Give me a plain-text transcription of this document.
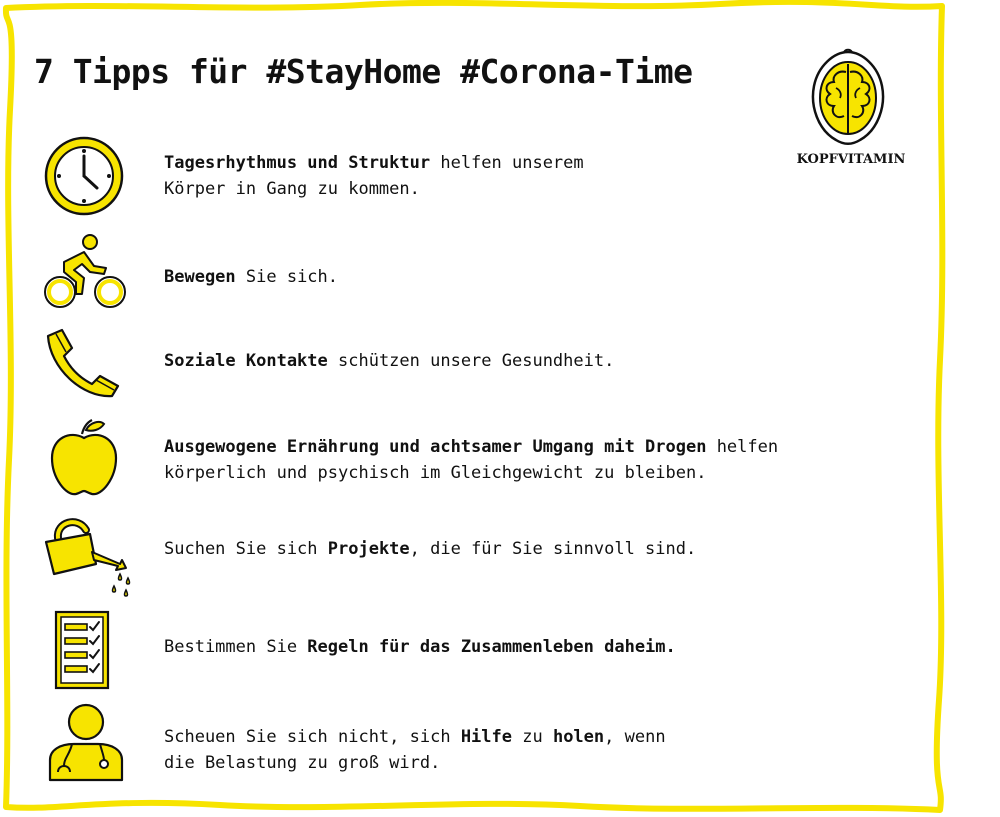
7 Tipps für #StayHome #Corona-Time
KOPFVITAMIN

Tagesrhythmus und Struktur helfen unserem
Körper in Gang zu kommen.

Bewegen Sie sich.

Soziale Kontakte schützen unsere Gesundheit.

Ausgewogene Ernährung und achtsamer Umgang mit Drogen helfen
körperlich und psychisch im Gleichgewicht zu bleiben.

Suchen Sie sich Projekte, die für Sie sinnvoll sind.

Bestimmen Sie Regeln für das Zusammenleben daheim.

Scheuen Sie sich nicht, sich Hilfe zu holen, wenn
die Belastung zu groß wird.
